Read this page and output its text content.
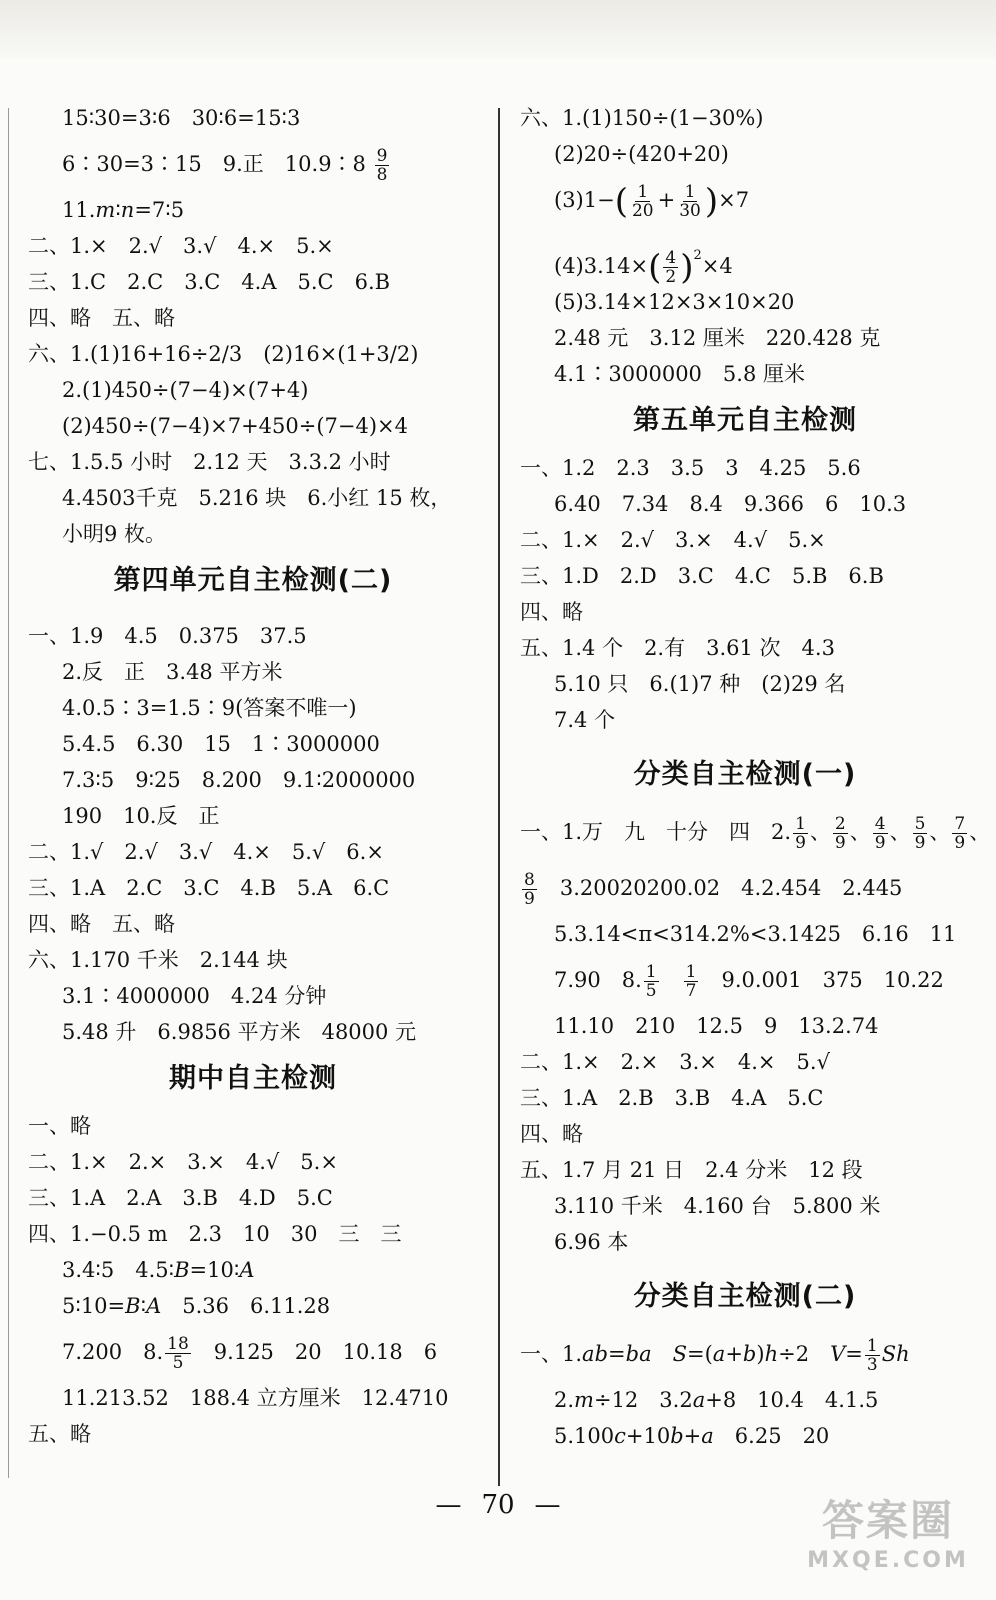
15∶30=3∶6　30∶6=15∶3
6∶30=3∶15　9.正　10.9∶8 $\frac{9}{8}$
11.m∶n=7∶5
二、1.×　2.√　3.√　4.×　5.×
三、1.C　2.C　3.C　4.A　5.C　6.B
四、略　五、略
六、1.(1)16+16÷2/3　(2)16×(1+3/2)
2.(1)450÷(7−4)×(7+4)
(2)450÷(7−4)×7+450÷(7−4)×4
七、1.5.5 小时　2.12 天　3.3.2 小时
4.4503千克　5.216 块　6.小红 15 枚，
小明9 枚。
第四单元自主检测(二)
一、1.9　4.5　0.375　37.5
2.反　正　3.48 平方米
4.0.5∶3=1.5∶9(答案不唯一)
5.4.5　6.30　15　1∶3000000
7.3∶5　9∶25　8.200　9.1∶2000000
190　10.反　正
二、1.√　2.√　3.√　4.×　5.√　6.×
三、1.A　2.C　3.C　4.B　5.A　6.C
四、略　五、略
六、1.170 千米　2.144 块
3.1∶4000000　4.24 分钟
5.48 升　6.9856 平方米　48000 元
期中自主检测
一、略
二、1.×　2.×　3.×　4.√　5.×
三、1.A　2.A　3.B　4.D　5.C
四、1.−0.5 m　2.3　10　30　三　三
3.4∶5　4.5∶B=10∶A
5∶10=B∶A　5.36　6.11.28
7.200　8. $\frac{18}{5}$ 　9.125　20　10.18　6
11.213.52　188.4 立方厘米　12.4710
五、略
六、1.(1)150÷(1−30%)
(2)20÷(420+20)
$(3)1-( \frac{1}{20} + \frac{1}{30} )\times 7$
$(4)3.14\times( \frac{4}{2} )^2\times 4$
(5)3.14×12×3×10×20
2.48 元　3.12 厘米　220.428 克
4.1∶3000000　5.8 厘米
第五单元自主检测
一、1.2　2.3　3.5　3　4.25　5.6
6.40　7.34　8.4　9.366　6　10.3
二、1.×　2.√　3.×　4.√　5.×
三、1.D　2.D　3.C　4.C　5.B　6.B
四、略
五、1.4 个　2.有　3.61 次　4.3
5.10 只　6.(1)7 种　(2)29 名
7.4 个
分类自主检测(一)
一、1.万　九　十分　四　2. $\frac{1}{9}$ 、 $\frac{2}{9}$ 、 $\frac{4}{9}$ 、 $\frac{5}{9}$ 、 $\frac{7}{9}$ 、
$\frac{8}{9}$ 　3.20020200.02　4.2.454　2.445
5.3.14<π<314.2%<3.1425　6.16　11
7.90　8. $\frac{1}{5}$
　 $\frac{1}{7}$ 　9.0.001　375　10.22
11.10　210　12.5　9　13.2.74
二、1.×　2.×　3.×　4.×　5.√
三、1.A　2.B　3.B　4.A　5.C
四、略
五、1.7 月 21 日　2.4 分米　12 段
3.110 千米　4.160 台　5.800 米
6.96 本
分类自主检测(二)
一、1.ab=ba　 S=(a+b)h÷2　$V= \frac{1}{3}$ Sh
2.m÷12　3.2a+8　10.4　4.1.5
5.100c+10b+a　6.25　20
— 70 —	答案圈
MXQE.COM
